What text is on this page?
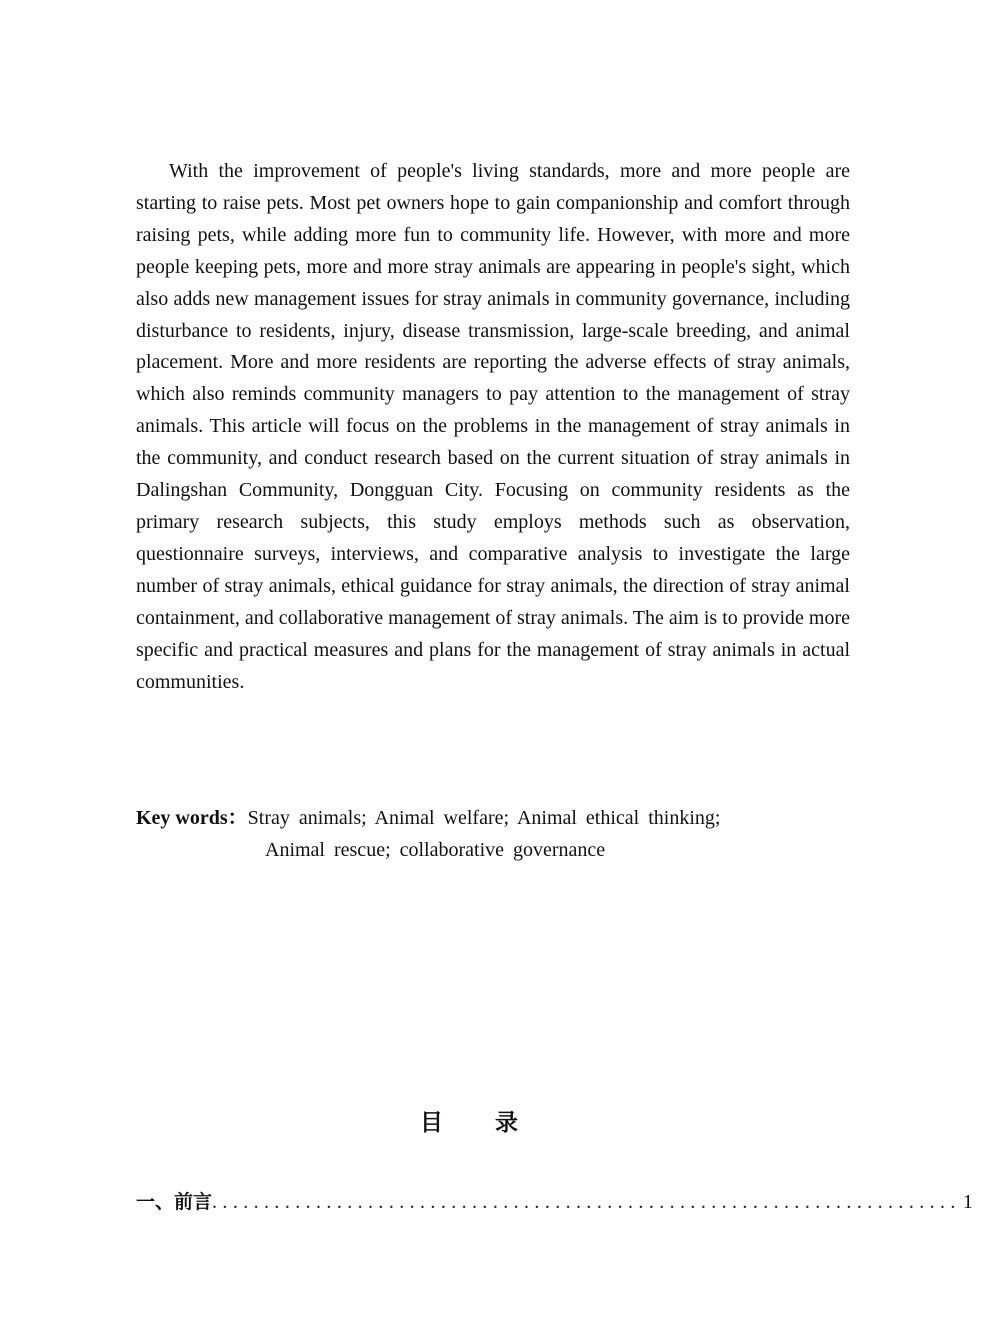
With the improvement of people's living standards, more and more people are starting to raise pets. Most pet owners hope to gain companionship and comfort through raising pets, while adding more fun to community life. However, with more and more people keeping pets, more and more stray animals are appearing in people's sight, which also adds new management issues for stray animals in community governance, including disturbance to residents, injury, disease transmission, large-scale breeding, and animal placement. More and more residents are reporting the adverse effects of stray animals, which also reminds community managers to pay attention to the management of stray animals. This article will focus on the problems in the management of stray animals in the community, and conduct research based on the current situation of stray animals in Dalingshan Community, Dongguan City. Focusing on community residents as the primary research subjects, this study employs methods such as observation, questionnaire surveys, interviews, and comparative analysis to investigate the large number of stray animals, ethical guidance for stray animals, the direction of stray animal containment, and collaborative management of stray animals. The aim is to provide more specific and practical measures and plans for the management of stray animals in actual communities.

Key words：Stray animals; Animal welfare; Animal ethical thinking;
Animal rescue; collaborative governance
目录
一、前言 ........................................................................ 1
